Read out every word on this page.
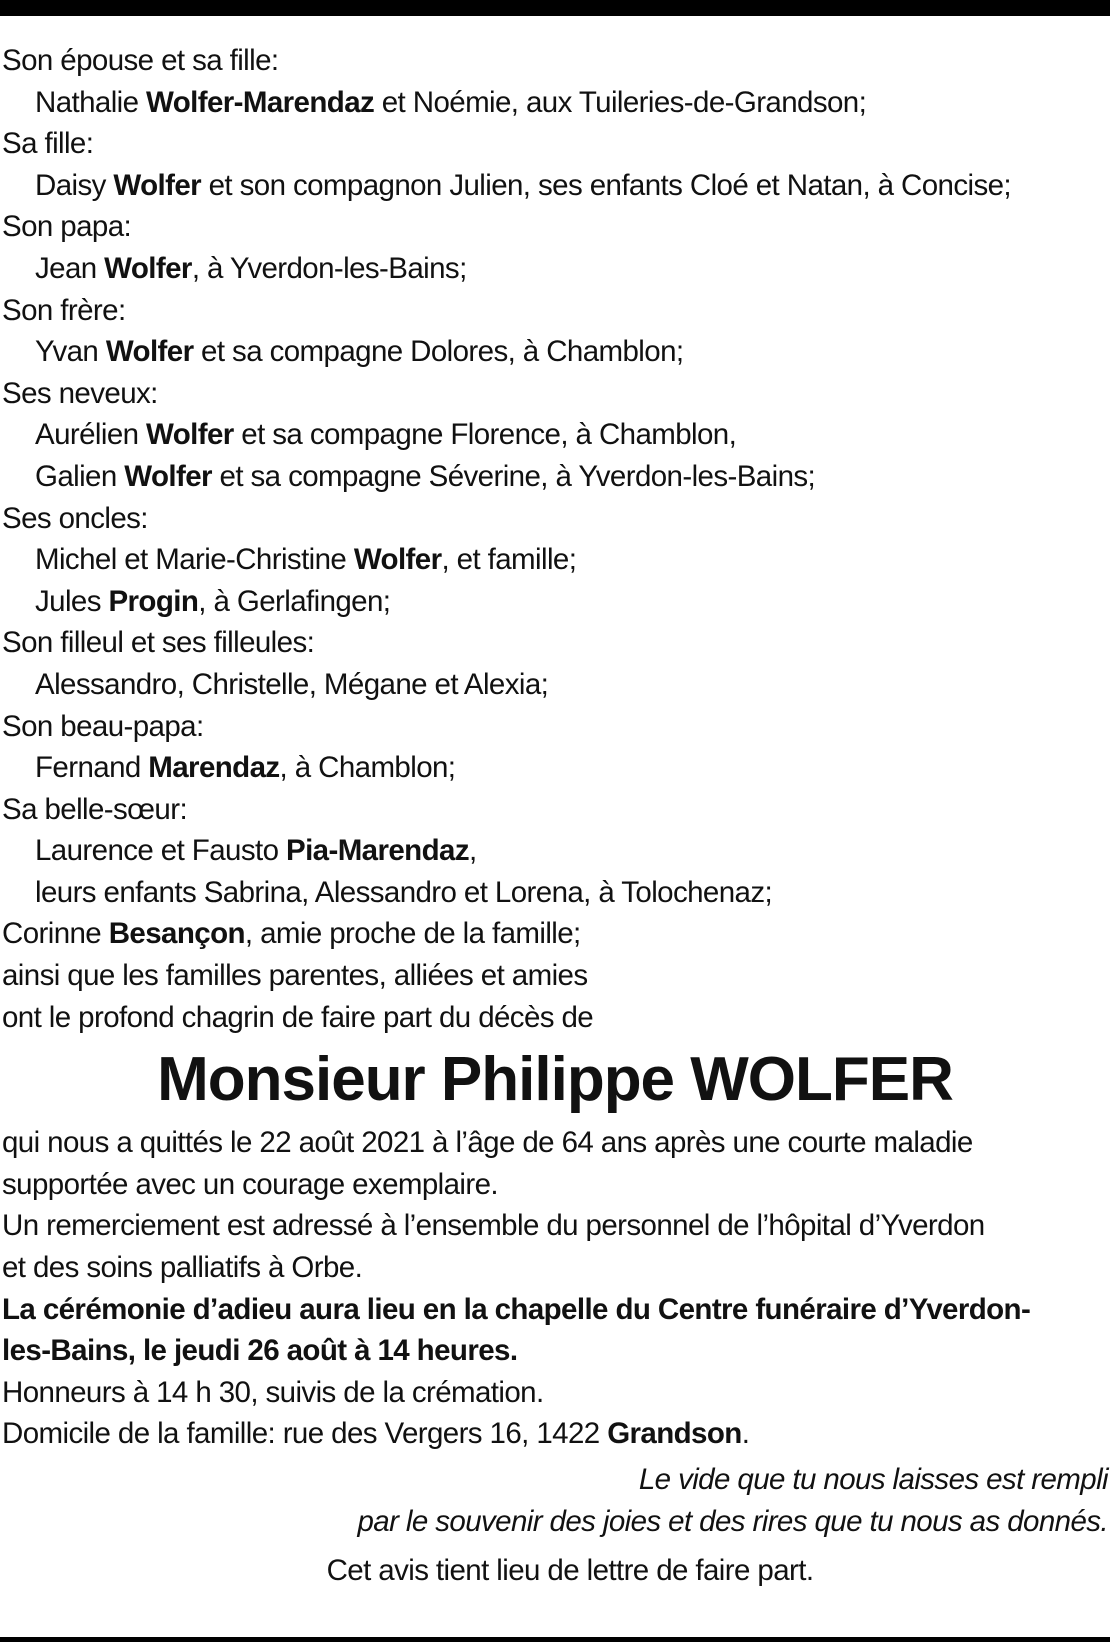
Son épouse et sa fille:
Nathalie Wolfer-Marendaz et Noémie, aux Tuileries-de-Grandson;
Sa fille:
Daisy Wolfer et son compagnon Julien, ses enfants Cloé et Natan, à Concise;
Son papa:
Jean Wolfer, à Yverdon-les-Bains;
Son frère:
Yvan Wolfer et sa compagne Dolores, à Chamblon;
Ses neveux:
Aurélien Wolfer et sa compagne Florence, à Chamblon,
Galien Wolfer et sa compagne Séverine, à Yverdon-les-Bains;
Ses oncles:
Michel et Marie-Christine Wolfer, et famille;
Jules Progin, à Gerlafingen;
Son filleul et ses filleules:
Alessandro, Christelle, Mégane et Alexia;
Son beau-papa:
Fernand Marendaz, à Chamblon;
Sa belle-sœur:
Laurence et Fausto Pia-Marendaz,
leurs enfants Sabrina, Alessandro et Lorena, à Tolochenaz;
Corinne Besançon, amie proche de la famille;
ainsi que les familles parentes, alliées et amies
ont le profond chagrin de faire part du décès de
Monsieur Philippe WOLFER
qui nous a quittés le 22 août 2021 à l’âge de 64 ans après une courte maladie
supportée avec un courage exemplaire.
Un remerciement est adressé à l’ensemble du personnel de l’hôpital d’Yverdon
et des soins palliatifs à Orbe.
La cérémonie d’adieu aura lieu en la chapelle du Centre funéraire d’Yverdon-
les-Bains, le jeudi 26 août à 14 heures.
Honneurs à 14 h 30, suivis de la crémation.
Domicile de la famille: rue des Vergers 16, 1422 Grandson.
Le vide que tu nous laisses est rempli
par le souvenir des joies et des rires que tu nous as donnés.
Cet avis tient lieu de lettre de faire part.
